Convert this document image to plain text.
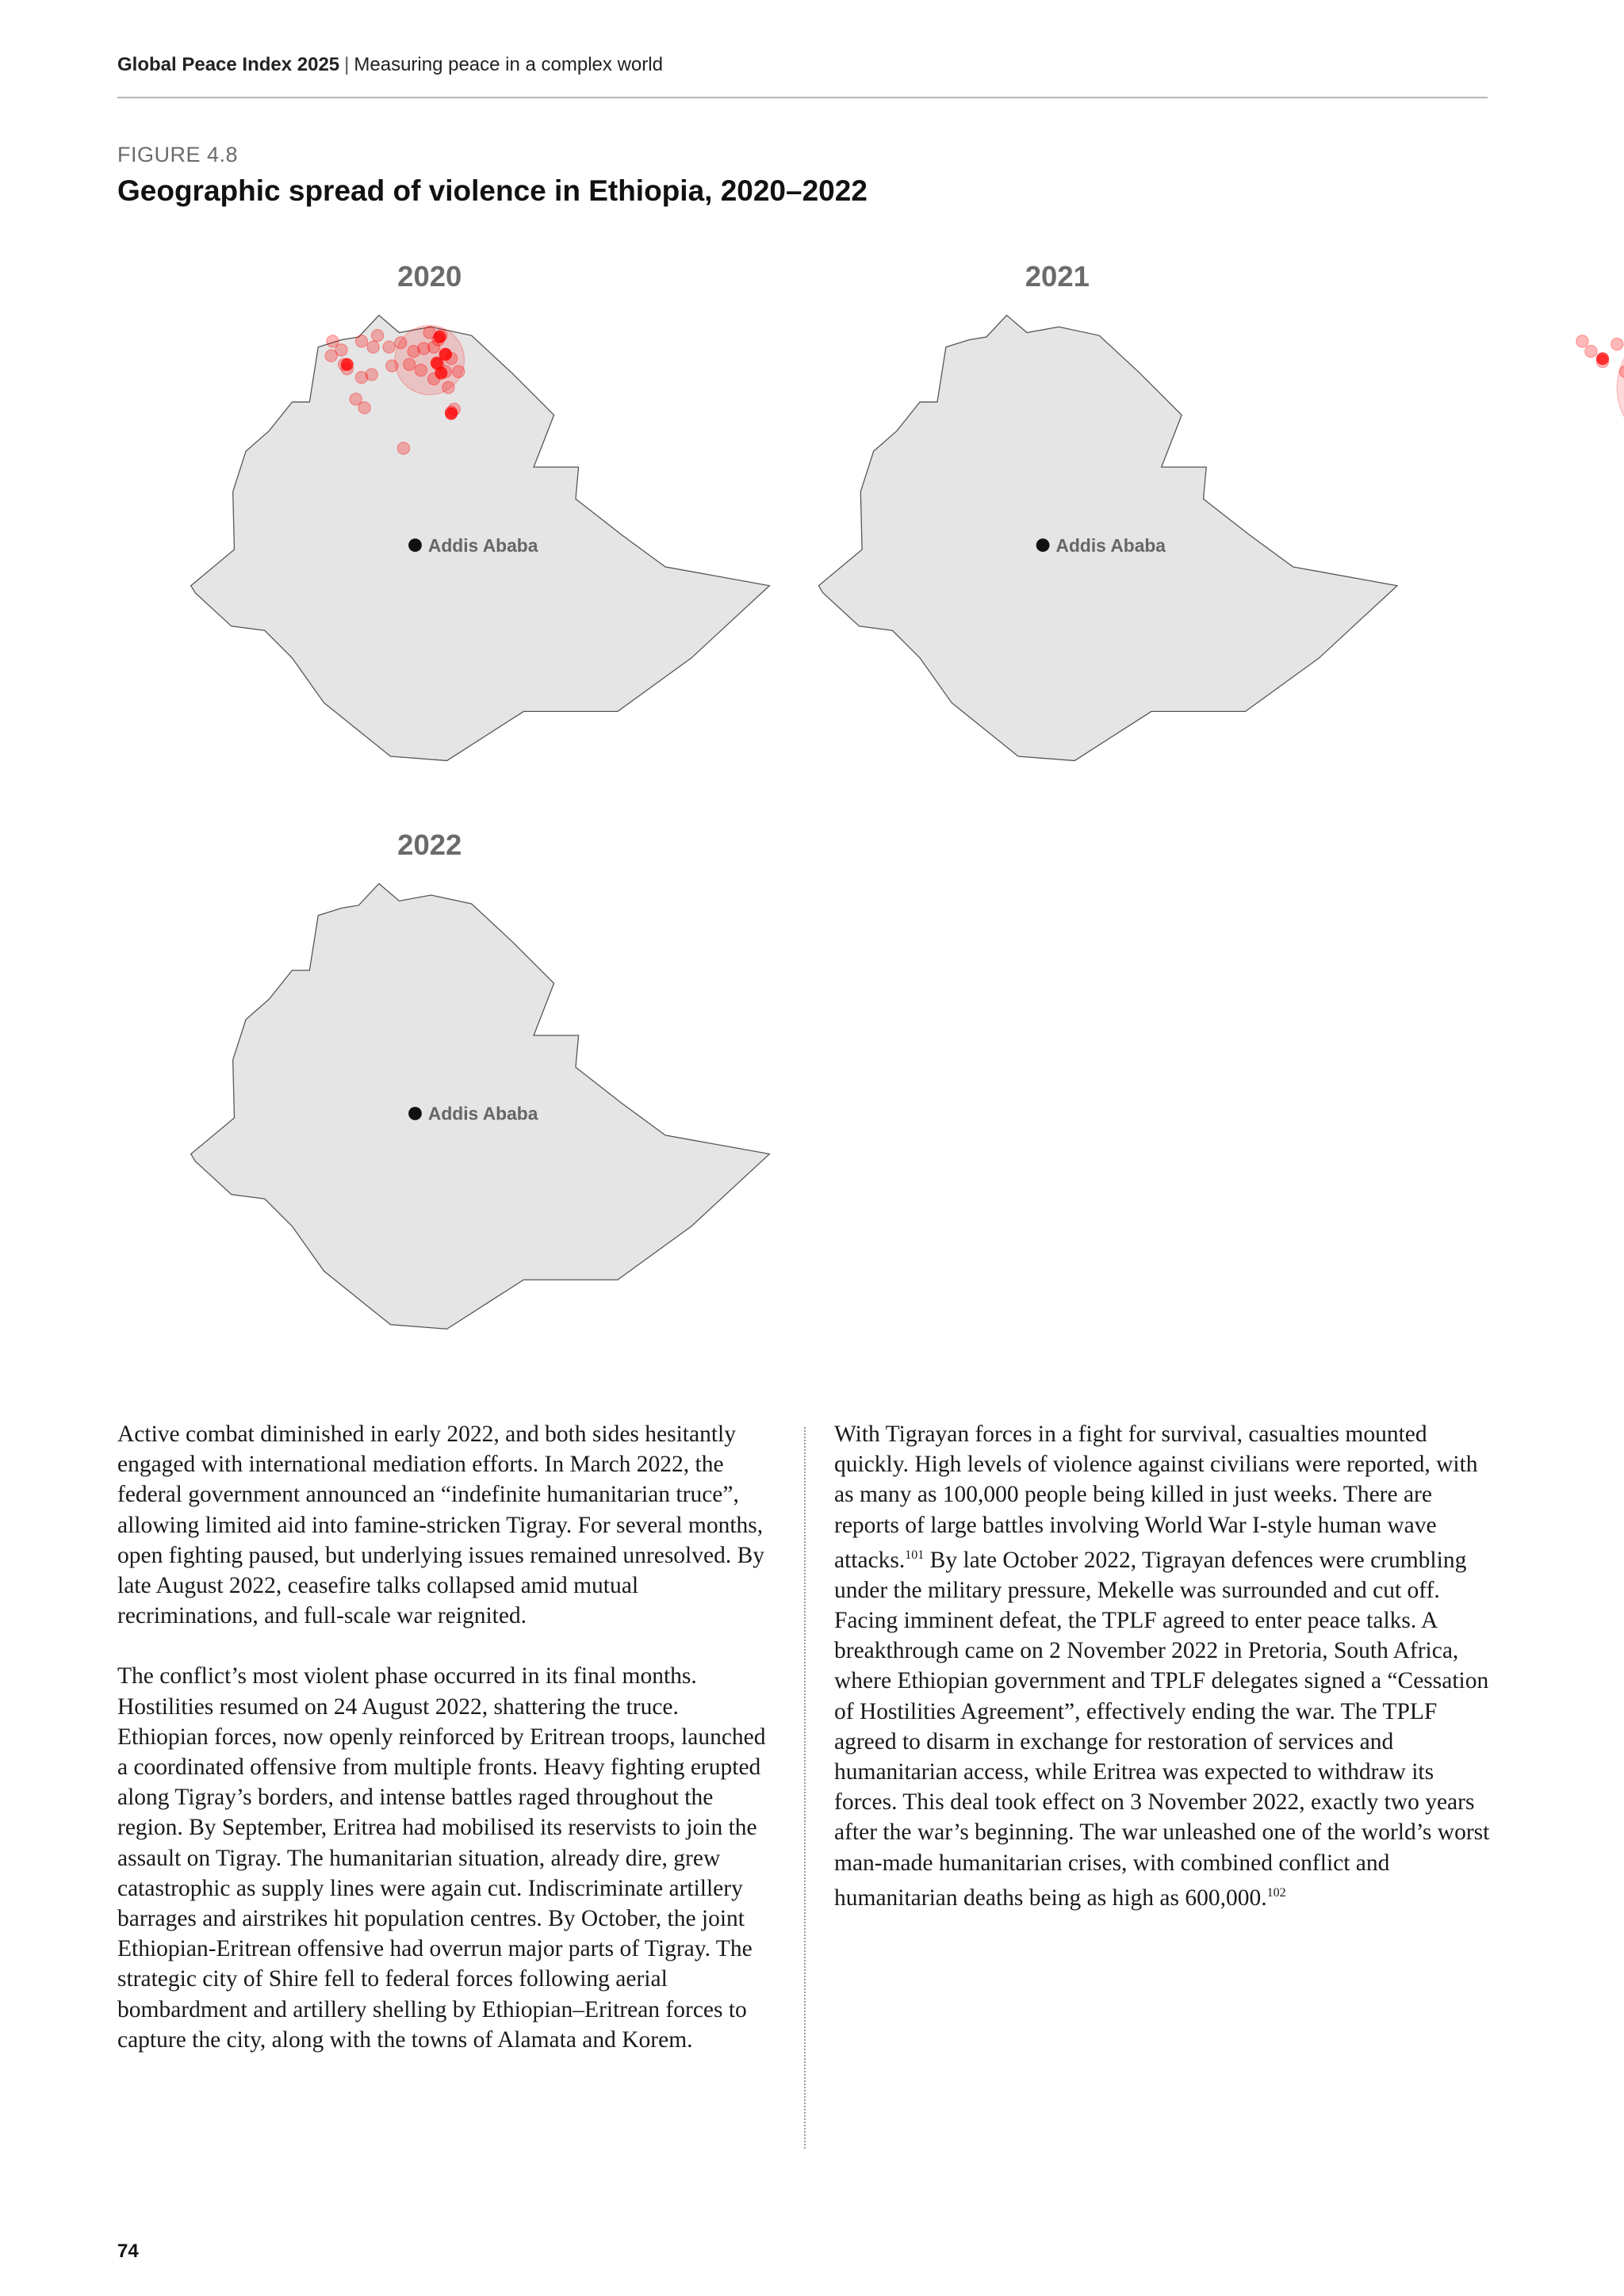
Global Peace Index 2025 | Measuring peace in a complex world
FIGURE 4.8
Geographic spread of violence in Ethiopia, 2020–2022
2020
Addis Ababa
2021
Addis Ababa
2022
Addis Ababa

Active combat diminished in early 2022, and both sides hesitantly engaged with international mediation efforts. In March 2022, the federal government announced an “indefinite humanitarian truce”, allowing limited aid into famine-stricken Tigray. For several months, open fighting paused, but underlying issues remained unresolved. By late August 2022, ceasefire talks collapsed amid mutual recriminations, and full-scale war reignited.

The conflict’s most violent phase occurred in its final months. Hostilities resumed on 24 August 2022, shattering the truce. Ethiopian forces, now openly reinforced by Eritrean troops, launched a coordinated offensive from multiple fronts. Heavy fighting erupted along Tigray’s borders, and intense battles raged throughout the region. By September, Eritrea had mobilised its reservists to join the assault on Tigray. The humanitarian situation, already dire, grew catastrophic as supply lines were again cut. Indiscriminate artillery barrages and airstrikes hit population centres. By October, the joint Ethiopian-Eritrean offensive had overrun major parts of Tigray. The strategic city of Shire fell to federal forces following aerial bombardment and artillery shelling by Ethiopian–Eritrean forces to capture the city, along with the towns of Alamata and Korem.

With Tigrayan forces in a fight for survival, casualties mounted quickly. High levels of violence against civilians were reported, with as many as 100,000 people being killed in just weeks. There are reports of large battles involving World War I-style human wave attacks.$^{101}$ By late October 2022, Tigrayan defences were crumbling under the military pressure, Mekelle was surrounded and cut off. Facing imminent defeat, the TPLF agreed to enter peace talks. A breakthrough came on 2 November 2022 in Pretoria, South Africa, where Ethiopian government and TPLF delegates signed a “Cessation of Hostilities Agreement”, effectively ending the war. The TPLF agreed to disarm in exchange for restoration of services and humanitarian access, while Eritrea was expected to withdraw its forces. This deal took effect on 3 November 2022, exactly two years after the war’s beginning. The war unleashed one of the world’s worst man-made humanitarian crises, with combined conflict and humanitarian deaths being as high as 600,000.$^{102}$

74
